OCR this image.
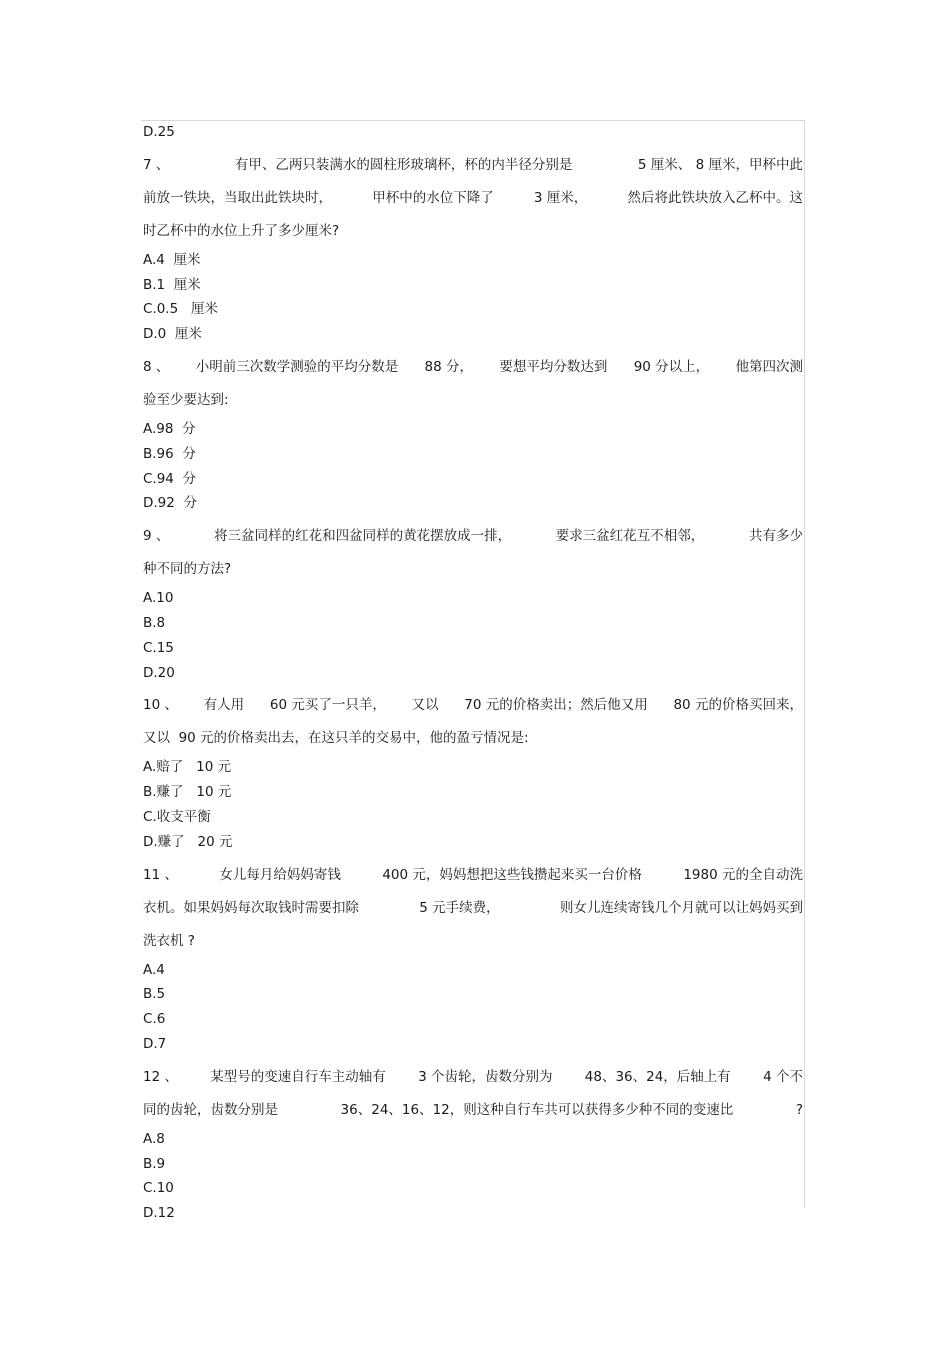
D.25
7 、	有甲、乙两只装满水的圆柱形玻璃杯，杯的内半径分别是	5 厘米、 8 厘米，甲杯中此
前放一铁块，当取出此铁块时，	甲杯中的水位下降了	3 厘米，	然后将此铁块放入乙杯中。这
时乙杯中的水位上升了多少厘米?
A.4  厘米
B.1  厘米
C.0.5   厘米
D.0  厘米
8 、 小明前三次数学测验的平均分数是 88 分， 要想平均分数达到 90 分以上， 他第四次测
验至少要达到:
A.98  分
B.96  分
C.94  分
D.92  分
9 、	将三盆同样的红花和四盆同样的黄花摆放成一排，	要求三盆红花互不相邻，	共有多少
种不同的方法?
A.10
B.8
C.15
D.20
10 、 有人用 60 元买了一只羊， 又以 70 元的价格卖出；然后他又用 80 元的价格买回来，
又以  90 元的价格卖出去，在这只羊的交易中，他的盈亏情况是:
A.赔了   10 元
B.赚了   10 元
C.收支平衡
D.赚了   20 元
11 、	女儿每月给妈妈寄钱	400 元，妈妈想把这些钱攒起来买一台价格	1980 元的全自动洗
衣机。如果妈妈每次取钱时需要扣除	5 元手续费，	则女儿连续寄钱几个月就可以让妈妈买到
洗衣机 ?
A.4
B.5
C.6
D.7
12 、 某型号的变速自行车主动轴有 3 个齿轮，齿数分别为 48、36、24，后轴上有 4 个不
同的齿轮，齿数分别是	36、24、16、12，则这种自行车共可以获得多少种不同的变速比	?
A.8
B.9
C.10
D.12
